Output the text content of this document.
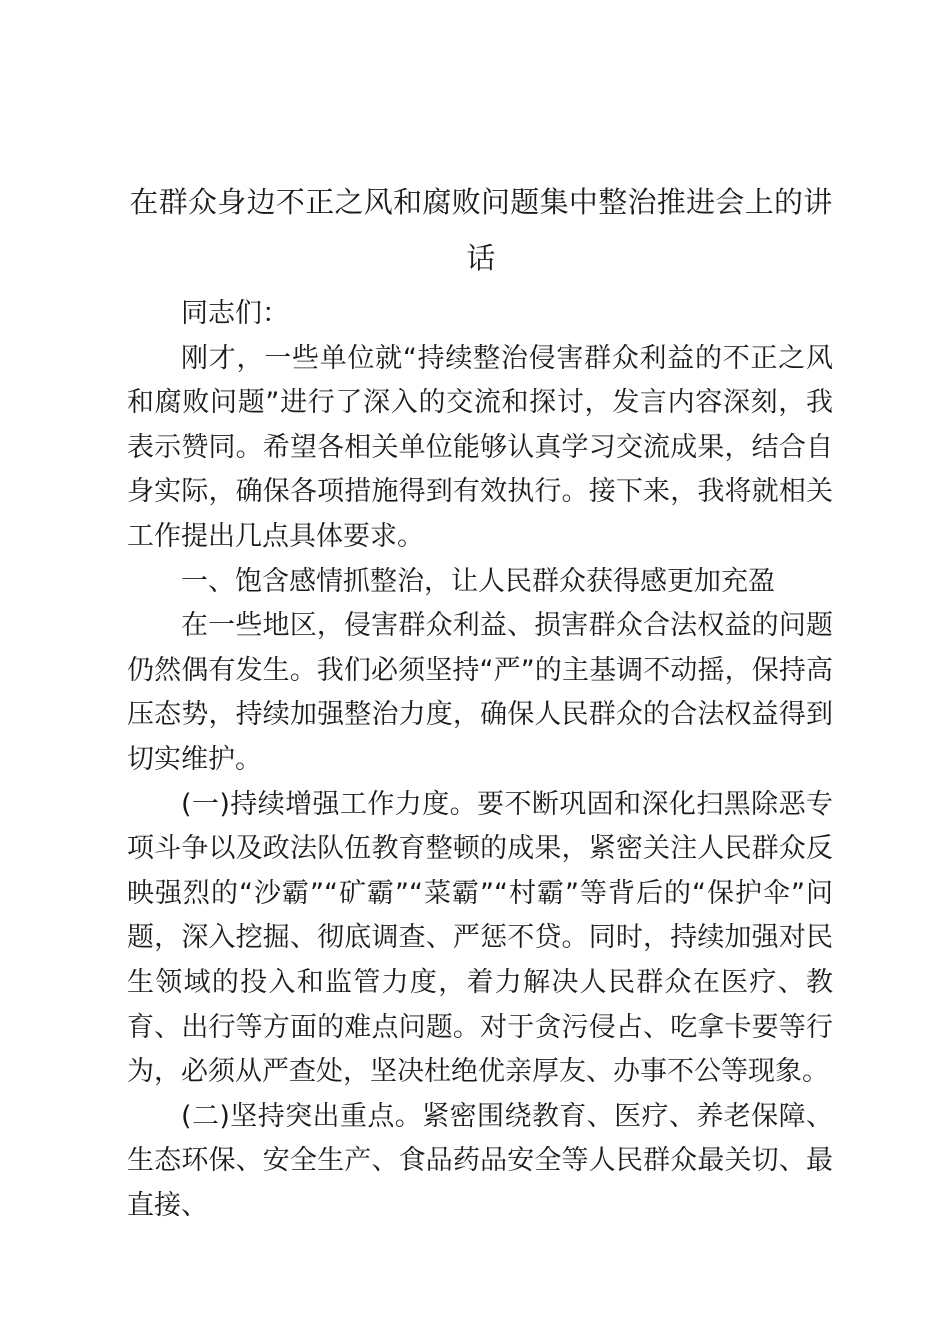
在群众身边不正之风和腐败问题集中整治推进会上的讲话

同志们：

刚才，一些单位就“持续整治侵害群众利益的不正之风和腐败问题”进行了深入的交流和探讨，发言内容深刻，我表示赞同。希望各相关单位能够认真学习交流成果，结合自身实际，确保各项措施得到有效执行。接下来，我将就相关工作提出几点具体要求。

一、饱含感情抓整治，让人民群众获得感更加充盈

在一些地区，侵害群众利益、损害群众合法权益的问题仍然偶有发生。我们必须坚持“严”的主基调不动摇，保持高压态势，持续加强整治力度，确保人民群众的合法权益得到切实维护。

(一)持续增强工作力度。要不断巩固和深化扫黑除恶专项斗争以及政法队伍教育整顿的成果，紧密关注人民群众反映强烈的“沙霸”“矿霸”“菜霸”“村霸”等背后的“保护伞”问题，深入挖掘、彻底调查、严惩不贷。同时，持续加强对民生领域的投入和监管力度，着力解决人民群众在医疗、教育、出行等方面的难点问题。对于贪污侵占、吃拿卡要等行为，必须从严查处，坚决杜绝优亲厚友、办事不公等现象。

(二)坚持突出重点。紧密围绕教育、医疗、养老保障、生态环保、安全生产、食品药品安全等人民群众最关切、最直接、
